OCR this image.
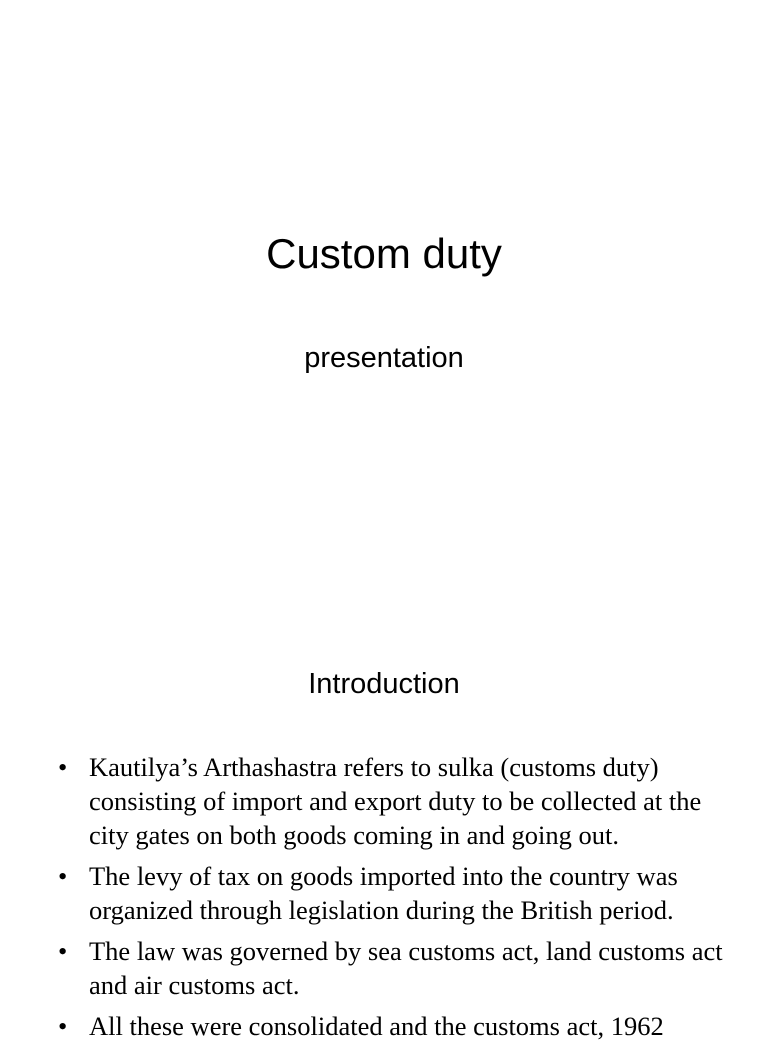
Custom duty
presentation
Introduction
• Kautilya’s Arthashastra refers to sulka (customs duty) consisting of import and export duty to be collected at the city gates on both goods coming in and going out.
• The levy of tax on goods imported into the country was organized through legislation during the British period.
• The law was governed by sea customs act, land customs act and air customs act.
• All these were consolidated and the customs act, 1962
